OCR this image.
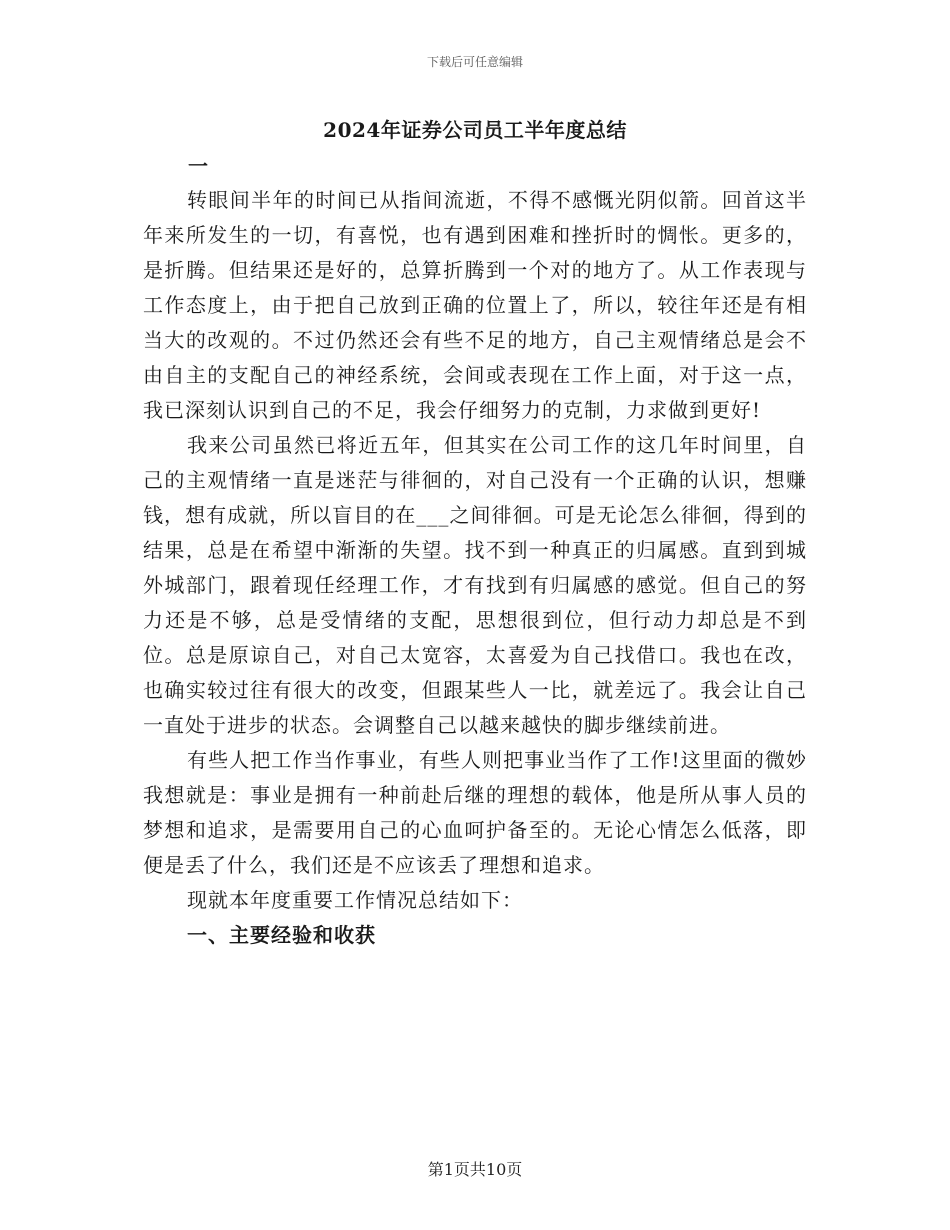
下载后可任意编辑
2024年证券公司员工半年度总结
一

转眼间半年的时间已从指间流逝，不得不感慨光阴似箭。回首这半年来所发生的一切，有喜悦，也有遇到困难和挫折时的惆怅。更多的，是折腾。但结果还是好的，总算折腾到一个对的地方了。从工作表现与工作态度上，由于把自己放到正确的位置上了，所以，较往年还是有相当大的改观的。不过仍然还会有些不足的地方，自己主观情绪总是会不由自主的支配自己的神经系统，会间或表现在工作上面，对于这一点，我已深刻认识到自己的不足，我会仔细努力的克制，力求做到更好!

我来公司虽然已将近五年，但其实在公司工作的这几年时间里，自己的主观情绪一直是迷茫与徘徊的，对自己没有一个正确的认识，想赚钱，想有成就，所以盲目的在___之间徘徊。可是无论怎么徘徊，得到的结果，总是在希望中渐渐的失望。找不到一种真正的归属感。直到到城外城部门，跟着现任经理工作，才有找到有归属感的感觉。但自己的努力还是不够，总是受情绪的支配，思想很到位，但行动力却总是不到位。总是原谅自己，对自己太宽容，太喜爱为自己找借口。我也在改，也确实较过往有很大的改变，但跟某些人一比，就差远了。我会让自己一直处于进步的状态。会调整自己以越来越快的脚步继续前进。

有些人把工作当作事业，有些人则把事业当作了工作!这里面的微妙我想就是：事业是拥有一种前赴后继的理想的载体，他是所从事人员的梦想和追求，是需要用自己的心血呵护备至的。无论心情怎么低落，即便是丢了什么，我们还是不应该丢了理想和追求。

现就本年度重要工作情况总结如下：

一、主要经验和收获

第1页共10页
